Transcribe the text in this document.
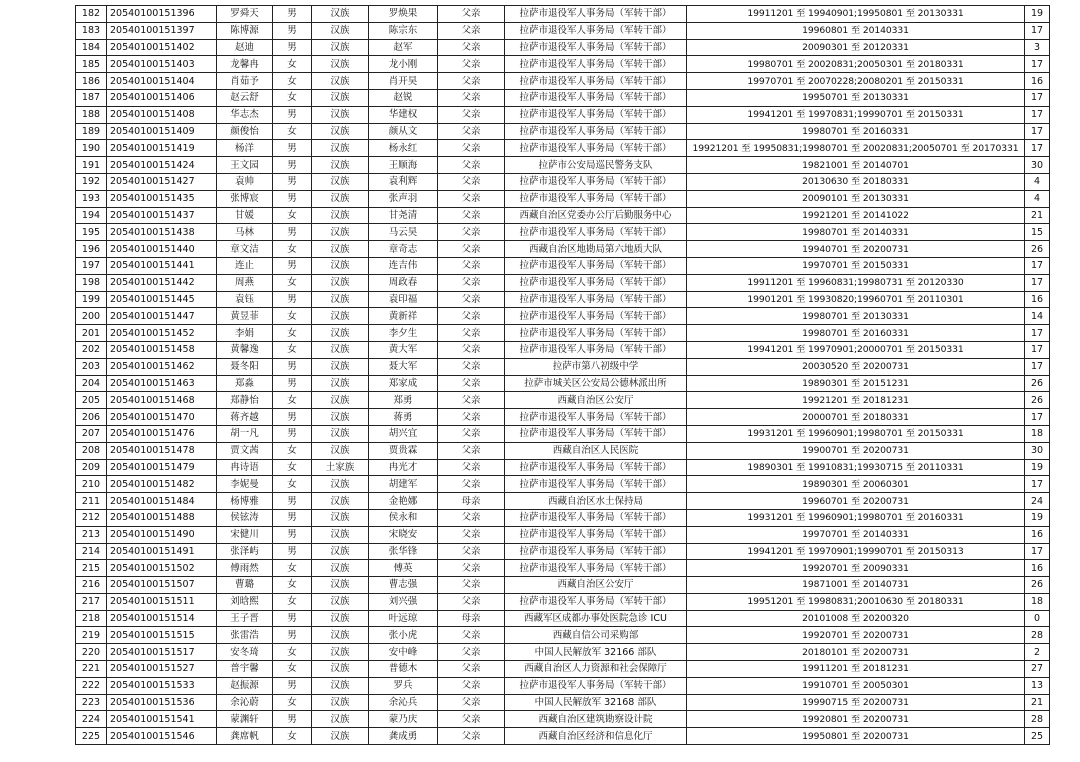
182	20540100151396	罗舜天	男	汉族	罗焕果	父亲	拉萨市退役军人事务局（军转干部）	19911201 至 19940901;19950801 至 20130331	19
183	20540100151397	陈博源	男	汉族	陈宗东	父亲	拉萨市退役军人事务局（军转干部）	19960801 至 20140331	17
184	20540100151402	赵迪	男	汉族	赵军	父亲	拉萨市退役军人事务局（军转干部）	20090301 至 20120331	3
185	20540100151403	龙馨冉	女	汉族	龙小刚	父亲	拉萨市退役军人事务局（军转干部）	19980701 至 20020831;20050301 至 20180331	17
186	20540100151404	肖茹予	女	汉族	肖开昊	父亲	拉萨市退役军人事务局（军转干部）	19970701 至 20070228;20080201 至 20150331	16
187	20540100151406	赵云舒	女	汉族	赵锐	父亲	拉萨市退役军人事务局（军转干部）	19950701 至 20130331	17
188	20540100151408	华志杰	男	汉族	华建权	父亲	拉萨市退役军人事务局（军转干部）	19941201 至 19970831;19990701 至 20150331	17
189	20540100151409	颜俊怡	女	汉族	颜从文	父亲	拉萨市退役军人事务局（军转干部）	19980701 至 20160331	17
190	20540100151419	杨洋	男	汉族	杨永红	父亲	拉萨市退役军人事务局（军转干部）	19921201 至 19950831;19980701 至 20020831;20050701 至 20170331	17
191	20540100151424	王文园	男	汉族	王顺海	父亲	拉萨市公安局巡民警务支队	19821001 至 20140701	30
192	20540100151427	袁帅	男	汉族	袁利辉	父亲	拉萨市退役军人事务局（军转干部）	20130630 至 20180331	4
193	20540100151435	张博宸	男	汉族	张声羽	父亲	拉萨市退役军人事务局（军转干部）	20090101 至 20130331	4
194	20540100151437	甘媛	女	汉族	甘尧清	父亲	西藏自治区党委办公厅后勤服务中心	19921201 至 20141022	21
195	20540100151438	马林	男	汉族	马云昊	父亲	拉萨市退役军人事务局（军转干部）	19980701 至 20140331	15
196	20540100151440	章文洁	女	汉族	章奇志	父亲	西藏自治区地勘局第六地质大队	19940701 至 20200731	26
197	20540100151441	连止	男	汉族	连吉伟	父亲	拉萨市退役军人事务局（军转干部）	19970701 至 20150331	17
198	20540100151442	周燕	女	汉族	周政春	父亲	拉萨市退役军人事务局（军转干部）	19911201 至 19960831;19980731 至 20120330	17
199	20540100151445	袁钰	男	汉族	袁印福	父亲	拉萨市退役军人事务局（军转干部）	19901201 至 19930820;19960701 至 20110301	16
200	20540100151447	黄昱菲	女	汉族	黄新祥	父亲	拉萨市退役军人事务局（军转干部）	19980701 至 20130331	14
201	20540100151452	李娟	女	汉族	李夕生	父亲	拉萨市退役军人事务局（军转干部）	19980701 至 20160331	17
202	20540100151458	黄馨逸	女	汉族	黄大军	父亲	拉萨市退役军人事务局（军转干部）	19941201 至 19970901;20000701 至 20150331	17
203	20540100151462	聂冬阳	男	汉族	聂大军	父亲	拉萨市第八初级中学	20030520 至 20200731	17
204	20540100151463	郑淼	男	汉族	郑家成	父亲	拉萨市城关区公安局公德林派出所	19890301 至 20151231	26
205	20540100151468	郑静怡	女	汉族	郑勇	父亲	西藏自治区公安厅	19921201 至 20181231	26
206	20540100151470	蒋齐越	男	汉族	蒋勇	父亲	拉萨市退役军人事务局（军转干部）	20000701 至 20180331	17
207	20540100151476	胡一凡	男	汉族	胡兴宜	父亲	拉萨市退役军人事务局（军转干部）	19931201 至 19960901;19980701 至 20150331	18
208	20540100151478	贾文茜	女	汉族	贾贵霖	父亲	西藏自治区人民医院	19900701 至 20200731	30
209	20540100151479	冉诗语	女	土家族	冉光才	父亲	拉萨市退役军人事务局（军转干部）	19890301 至 19910831;19930715 至 20110331	19
210	20540100151482	李妮曼	女	汉族	胡建军	父亲	拉萨市退役军人事务局（军转干部）	19890301 至 20060301	17
211	20540100151484	杨博雅	男	汉族	金艳娜	母亲	西藏自治区水土保持局	19960701 至 20200731	24
212	20540100151488	侯铉涛	男	汉族	侯永和	父亲	拉萨市退役军人事务局（军转干部）	19931201 至 19960901;19980701 至 20160331	19
213	20540100151490	宋健川	男	汉族	宋晓安	父亲	拉萨市退役军人事务局（军转干部）	19970701 至 20140331	16
214	20540100151491	张泽屿	男	汉族	张华锋	父亲	拉萨市退役军人事务局（军转干部）	19941201 至 19970901;19990701 至 20150313	17
215	20540100151502	傅雨然	女	汉族	傅英	父亲	拉萨市退役军人事务局（军转干部）	19920701 至 20090331	16
216	20540100151507	曹璐	女	汉族	曹志强	父亲	西藏自治区公安厅	19871001 至 20140731	26
217	20540100151511	刘晗熙	女	汉族	刘兴强	父亲	拉萨市退役军人事务局（军转干部）	19951201 至 19980831;20010630 至 20180331	18
218	20540100151514	王子晋	男	汉族	叶远琼	母亲	西藏军区成都办事处医院急诊 ICU	20101008 至 20200320	0
219	20540100151515	张雷浩	男	汉族	张小虎	父亲	西藏自信公司采购部	19920701 至 20200731	28
220	20540100151517	安冬琦	女	汉族	安中峰	父亲	中国人民解放军 32166 部队	20180101 至 20200731	2
221	20540100151527	普宇馨	女	汉族	普德木	父亲	西藏自治区人力资源和社会保障厅	19911201 至 20181231	27
222	20540100151533	赵振源	男	汉族	罗兵	父亲	拉萨市退役军人事务局（军转干部）	19910701 至 20050301	13
223	20540100151536	余沁蔚	女	汉族	余沁兵	父亲	中国人民解放军 32168 部队	19990715 至 20200731	21
224	20540100151541	蒙渊轩	男	汉族	蒙乃庆	父亲	西藏自治区建筑勘察设计院	19920801 至 20200731	28
225	20540100151546	龚席帆	女	汉族	龚成勇	父亲	西藏自治区经济和信息化厅	19950801 至 20200731	25
